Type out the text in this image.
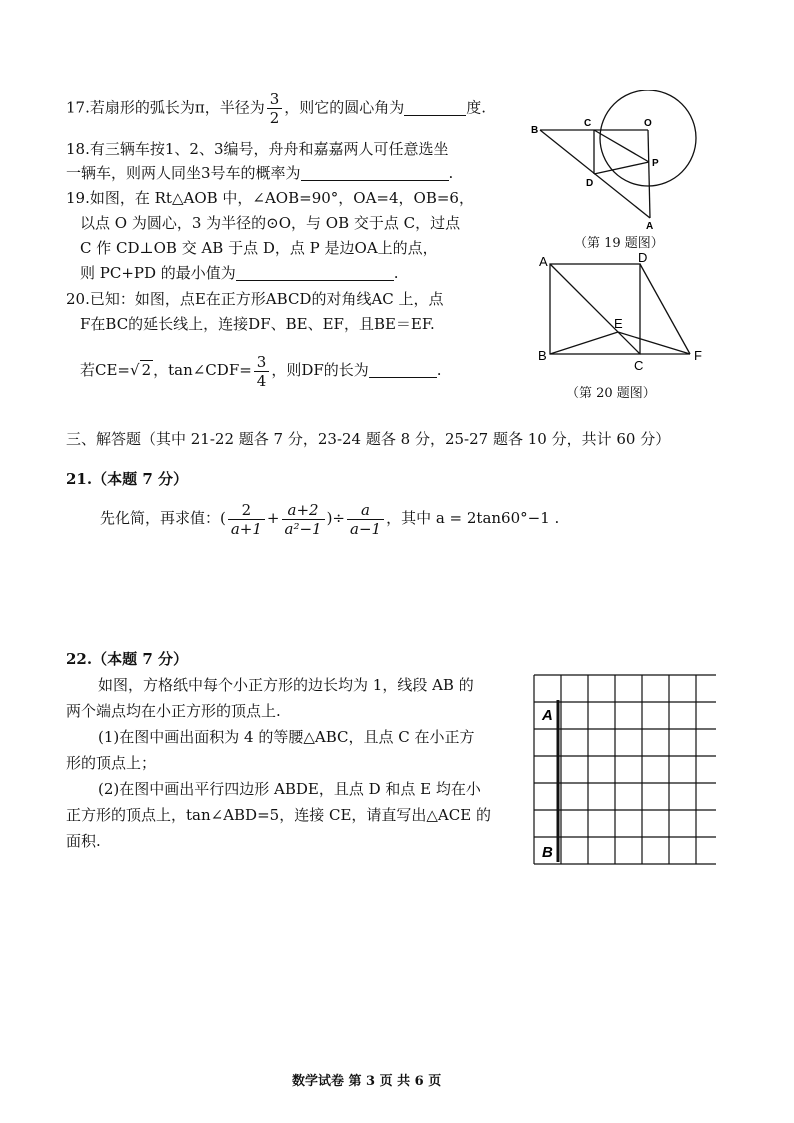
17.若扇形的弧长为π，半径为 $\frac{3}{2}$ ，则它的圆心角为	度.
18.有三辆车按1、2、3编号，舟舟和嘉嘉两人可任意选坐
一辆车，则两人同坐3号车的概率为	.
19.如图，在 Rt△AOB 中，∠AOB=90°，OA=4，OB=6，
以点 O 为圆心，3 为半径的⊙O，与 OB 交于点 C，过点
C 作 CD⊥OB 交 AB 于点 D，点 P 是边OA上的点，
则 PC+PD 的最小值为	.
B
C	O
P
D
A
（第 19 题图）
20.已知：如图，点E在正方形ABCD的对角线AC 上，点
F在BC的延长线上，连接DF、BE、EF，且BE＝EF.
若CE=√ 2 ，tan∠CDF= $\frac{3}{4}$ ，则DF的长为	.
A	D
E
B
C
F
（第 20 题图）
三、解答题（其中 21-22 题各 7 分，23-24 题各 8 分，25-27 题各 10 分，共计 60 分）
21.（本题 7 分）
先化简，再求值：( $\frac{2}{a+1} + \frac{a+2}{\text{a²−1}}$ )÷ $\frac{a}{a-1}$ ，其中 a = 2tan60°−1 .
22.（本题 7 分）
如图，方格纸中每个小正方形的边长均为 1，线段 AB 的
两个端点均在小正方形的顶点上.
(1)在图中画出面积为 4 的等腰△ABC，且点 C 在小正方
形的顶点上；
(2)在图中画出平行四边形 ABDE，且点 D 和点 E 均在小
正方形的顶点上，tan∠ABD=5，连接 CE，请直写出△ACE 的
面积.
A
B
数学试卷 第 3 页 共 6 页
